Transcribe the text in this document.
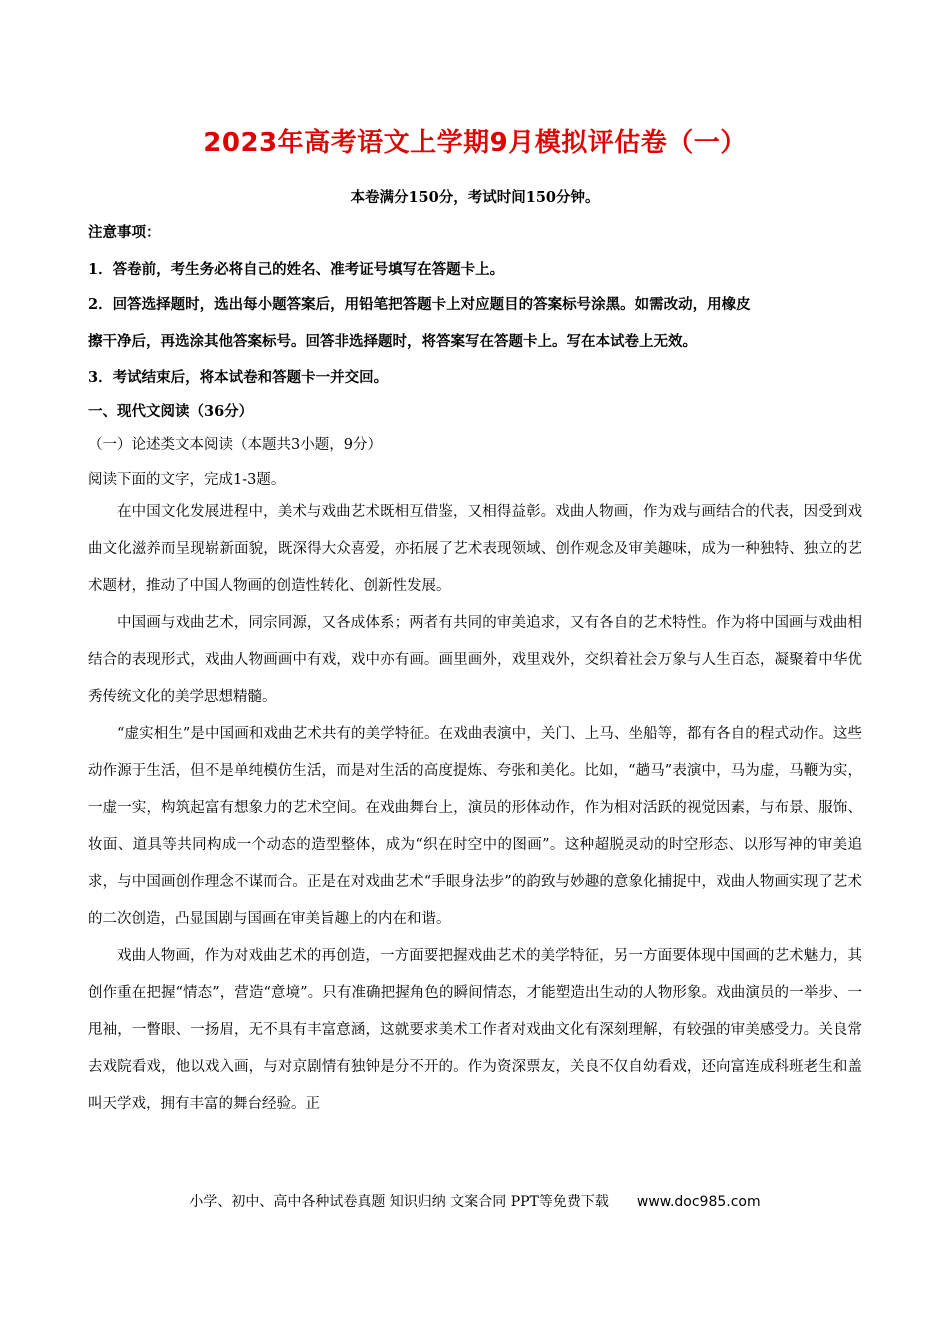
2023年高考语文上学期9月模拟评估卷（一）
本卷满分150分，考试时间150分钟。
注意事项：
1．答卷前，考生务必将自己的姓名、准考证号填写在答题卡上。
2．回答选择题时，选出每小题答案后，用铅笔把答题卡上对应题目的答案标号涂黑。如需改动，用橡皮
擦干净后，再选涂其他答案标号。回答非选择题时，将答案写在答题卡上。写在本试卷上无效。
3．考试结束后，将本试卷和答题卡一并交回。
一、现代文阅读（36分）
（一）论述类文本阅读（本题共3小题，9分）
阅读下面的文字，完成1-3题。

在中国文化发展进程中，美术与戏曲艺术既相互借鉴，又相得益彰。戏曲人物画，作为戏与画结合的代表，因受到戏曲文化滋养而呈现崭新面貌，既深得大众喜爱，亦拓展了艺术表现领域、创作观念及审美趣味，成为一种独特、独立的艺术题材，推动了中国人物画的创造性转化、创新性发展。

中国画与戏曲艺术，同宗同源，又各成体系；两者有共同的审美追求，又有各自的艺术特性。作为将中国画与戏曲相结合的表现形式，戏曲人物画画中有戏，戏中亦有画。画里画外，戏里戏外，交织着社会万象与人生百态，凝聚着中华优秀传统文化的美学思想精髓。

“虚实相生”是中国画和戏曲艺术共有的美学特征。在戏曲表演中，关门、上马、坐船等，都有各自的程式动作。这些动作源于生活，但不是单纯模仿生活，而是对生活的高度提炼、夸张和美化。比如，“趟马”表演中，马为虚，马鞭为实，一虚一实，构筑起富有想象力的艺术空间。在戏曲舞台上，演员的形体动作，作为相对活跃的视觉因素，与布景、服饰、妆面、道具等共同构成一个动态的造型整体，成为“织在时空中的图画”。这种超脱灵动的时空形态、以形写神的审美追求，与中国画创作理念不谋而合。正是在对戏曲艺术“手眼身法步”的韵致与妙趣的意象化捕捉中，戏曲人物画实现了艺术的二次创造，凸显国剧与国画在审美旨趣上的内在和谐。

戏曲人物画，作为对戏曲艺术的再创造，一方面要把握戏曲艺术的美学特征，另一方面要体现中国画的艺术魅力，其创作重在把握“情态”，营造“意境”。只有准确把握角色的瞬间情态，才能塑造出生动的人物形象。戏曲演员的一举步、一甩袖，一瞥眼、一扬眉，无不具有丰富意涵，这就要求美术工作者对戏曲文化有深刻理解，有较强的审美感受力。关良常去戏院看戏，他以戏入画，与对京剧情有独钟是分不开的。作为资深票友，关良不仅自幼看戏，还向富连成科班老生和盖叫天学戏，拥有丰富的舞台经验。正

小学、初中、高中各种试卷真题 知识归纳 文案合同 PPT等免费下载 www.doc985.com
